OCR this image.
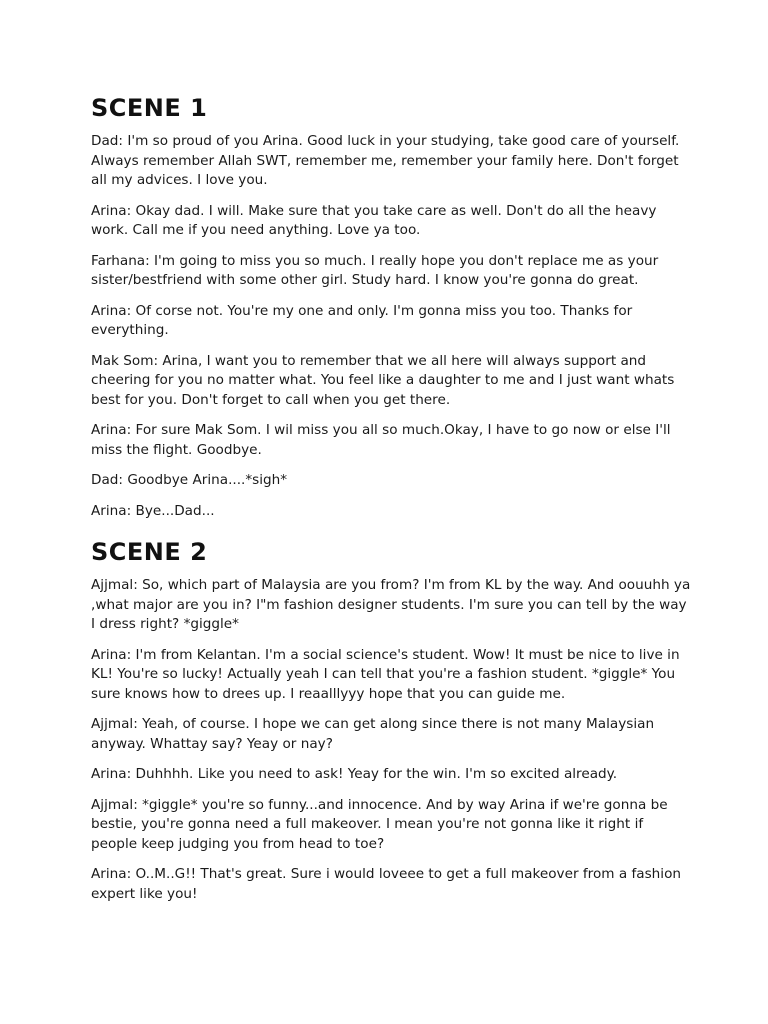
SCENE 1

Dad: I'm so proud of you Arina. Good luck in your studying, take good care of yourself. Always remember Allah SWT, remember me, remember your family here. Don't forget all my advices. I love you.

Arina: Okay dad. I will. Make sure that you take care as well. Don't do all the heavy work. Call me if you need anything. Love ya too.

Farhana: I'm going to miss you so much. I really hope you don't replace me as your sister/bestfriend with some other girl. Study hard. I know you're gonna do great.

Arina: Of corse not. You're my one and only. I'm gonna miss you too. Thanks for everything.

Mak Som: Arina, I want you to remember that we all here will always support and cheering for you no matter what. You feel like a daughter to me and I just want whats best for you. Don't forget to call when you get there.

Arina: For sure Mak Som. I wil miss you all so much.Okay, I have to go now or else I'll miss the flight. Goodbye.

Dad: Goodbye Arina....*sigh*

Arina: Bye...Dad...

SCENE 2

Ajjmal: So, which part of Malaysia are you from? I'm from KL by the way. And oouuhh ya ,what major are you in? I"m fashion designer students. I'm sure you can tell by the way I dress right? *giggle*

Arina: I'm from Kelantan. I'm a social science's student. Wow! It must be nice to live in KL! You're so lucky! Actually yeah I can tell that you're a fashion student. *giggle* You sure knows how to drees up. I reaalllyyy hope that you can guide me.

Ajjmal: Yeah, of course. I hope we can get along since there is not many Malaysian anyway. Whattay say? Yeay or nay?

Arina: Duhhhh. Like you need to ask! Yeay for the win. I'm so excited already.

Ajjmal: *giggle* you're so funny...and innocence. And by way Arina if we're gonna be bestie, you're gonna need a full makeover. I mean you're not gonna like it right if people keep judging you from head to toe?

Arina: O..M..G!! That's great. Sure i would loveee to get a full makeover from a fashion expert like you!
